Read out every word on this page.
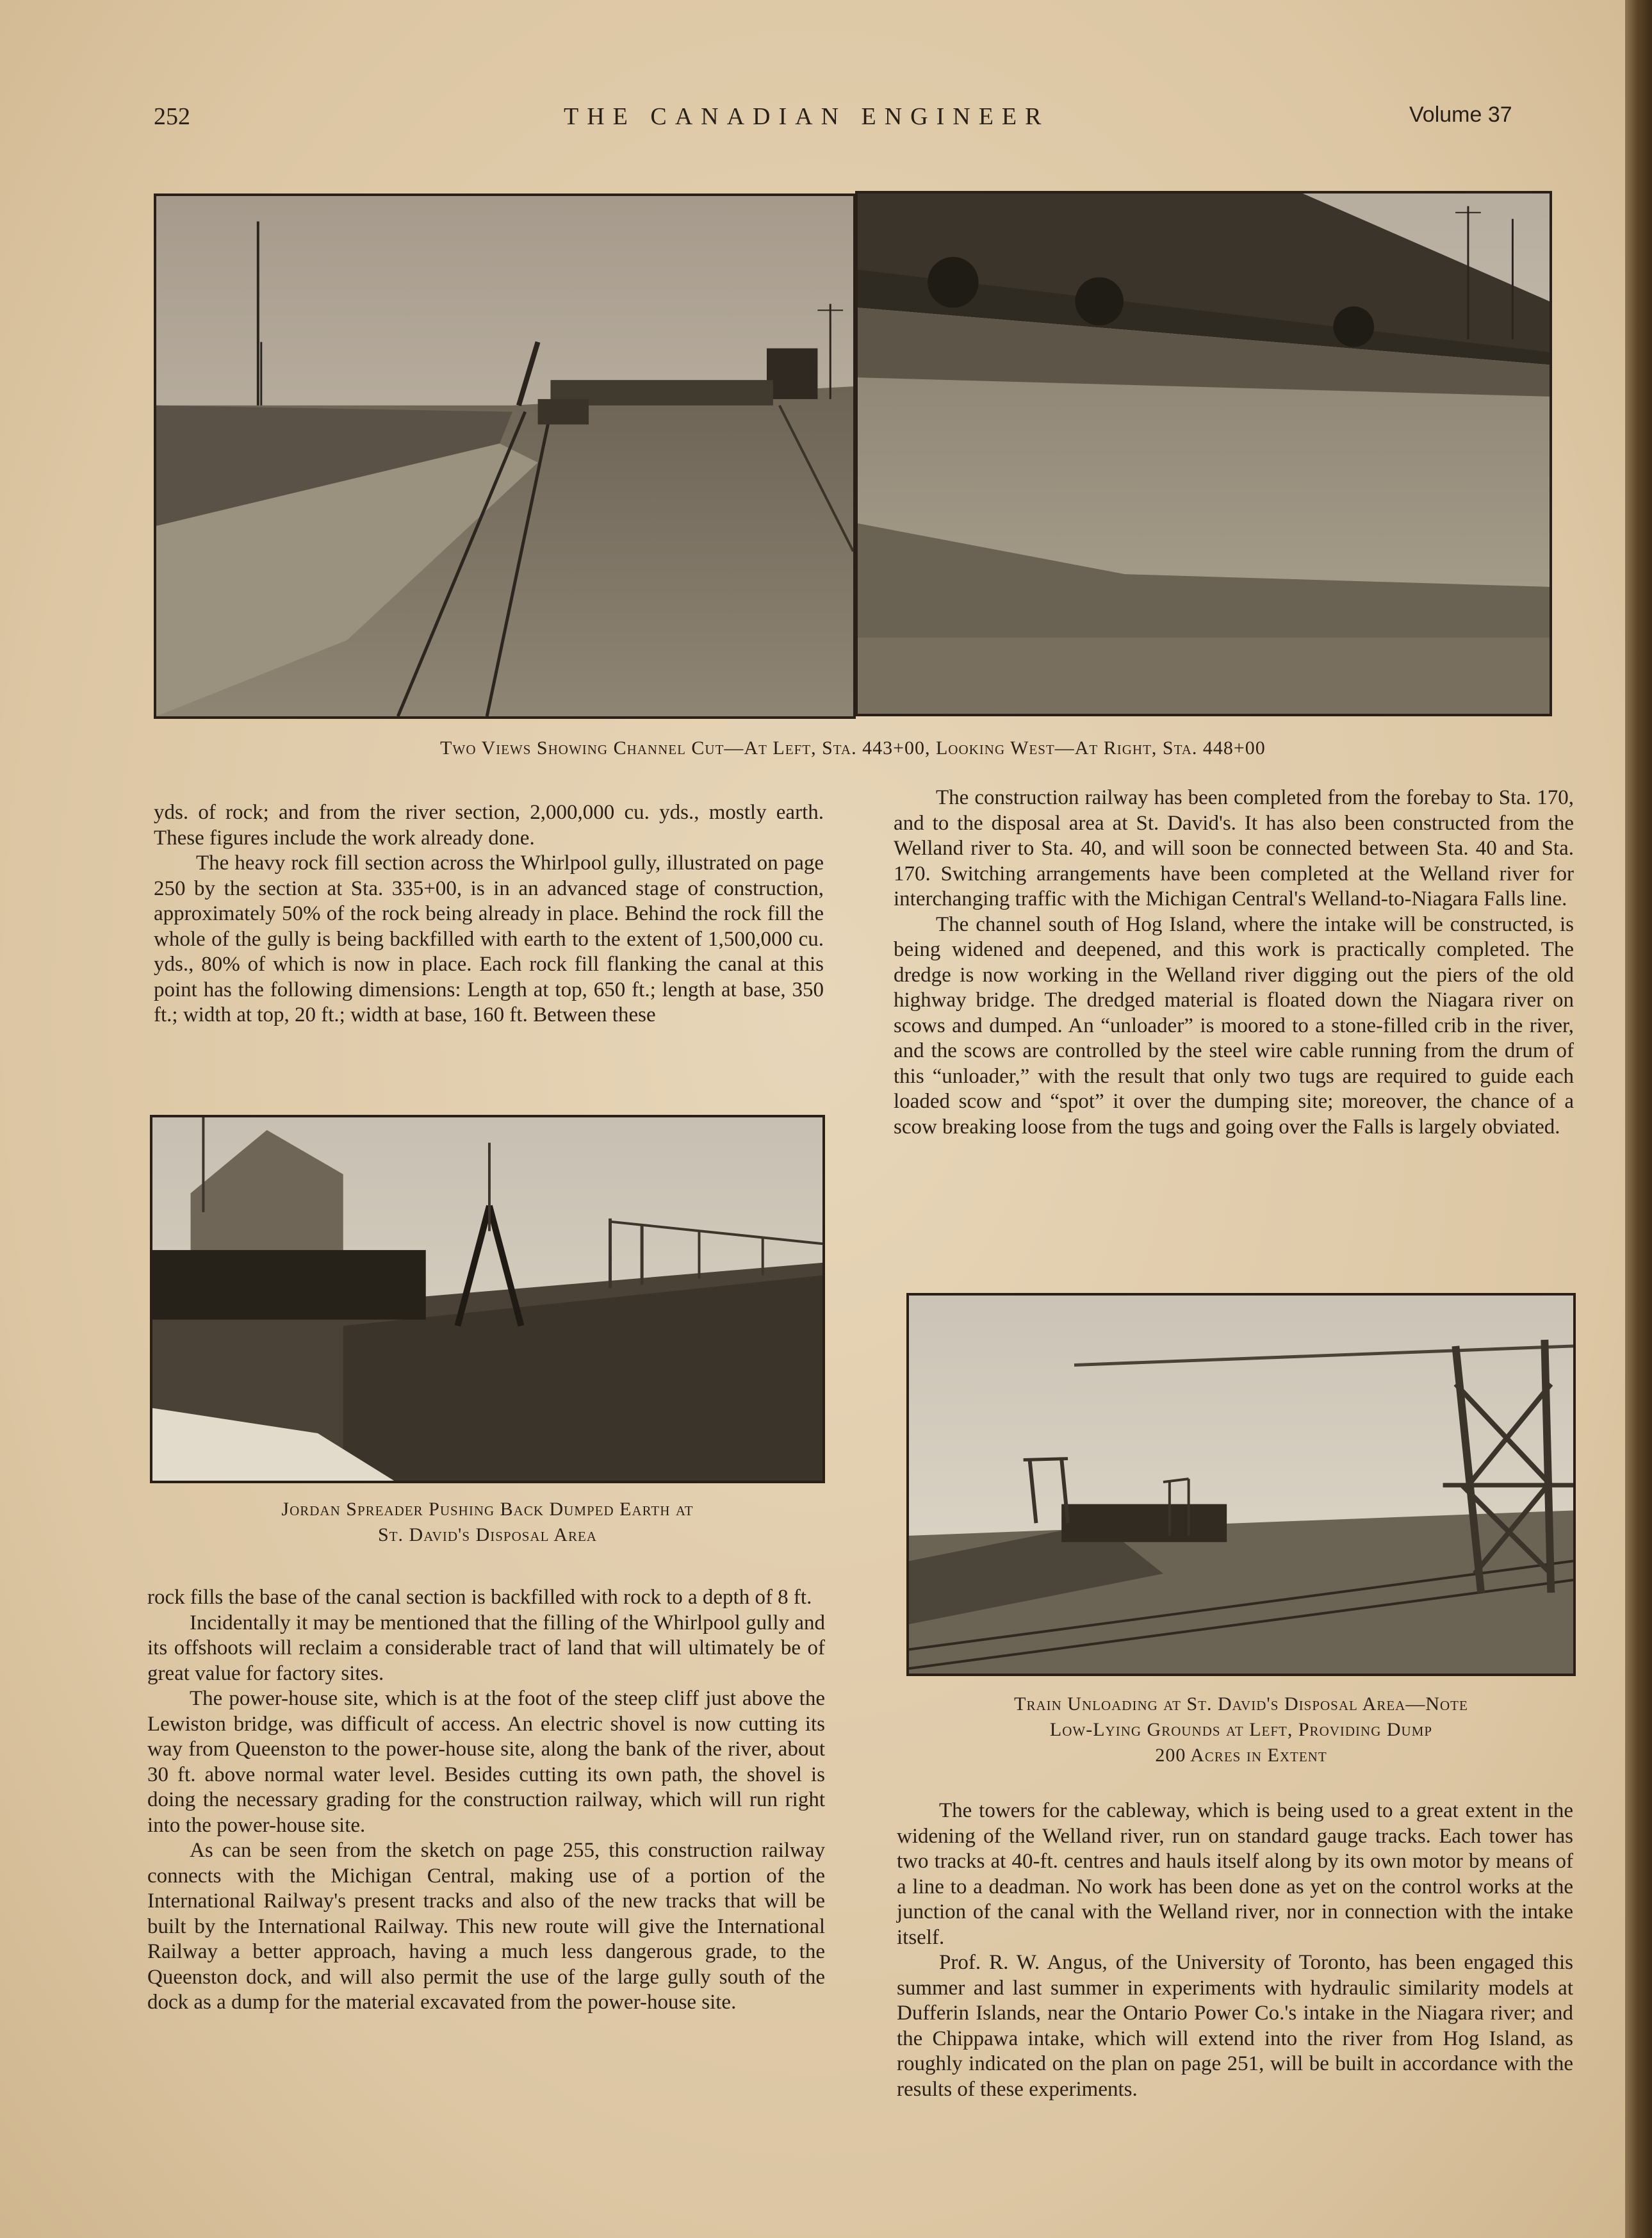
252	THE CANADIAN ENGINEER	Volume 37
Two Views Showing Channel Cut—At Left, Sta. 443+00, Looking West—At Right, Sta. 448+00

yds. of rock; and from the river section, 2,000,000 cu. yds., mostly earth. These figures include the work already done.

The heavy rock fill section across the Whirlpool gully, illustrated on page 250 by the section at Sta. 335+00, is in an advanced stage of construction, approximately 50% of the rock being already in place. Behind the rock fill the whole of the gully is being backfilled with earth to the extent of 1,500,000 cu. yds., 80% of which is now in place. Each rock fill flanking the canal at this point has the following dimensions: Length at top, 650 ft.; length at base, 350 ft.; width at top, 20 ft.; width at base, 160 ft. Between these

Jordan Spreader Pushing Back Dumped Earth at
St. David's Disposal Area

rock fills the base of the canal section is backfilled with rock to a depth of 8 ft.

Incidentally it may be mentioned that the filling of the Whirlpool gully and its offshoots will reclaim a considerable tract of land that will ultimately be of great value for factory sites.

The power-house site, which is at the foot of the steep cliff just above the Lewiston bridge, was difficult of access. An electric shovel is now cutting its way from Queenston to the power-house site, along the bank of the river, about 30 ft. above normal water level. Besides cutting its own path, the shovel is doing the necessary grading for the construction railway, which will run right into the power-house site.

As can be seen from the sketch on page 255, this construction railway connects with the Michigan Central, making use of a portion of the International Railway's present tracks and also of the new tracks that will be built by the International Railway. This new route will give the International Railway a better approach, having a much less dangerous grade, to the Queenston dock, and will also permit the use of the large gully south of the dock as a dump for the material excavated from the power-house site.

The construction railway has been completed from the forebay to Sta. 170, and to the disposal area at St. David's. It has also been constructed from the Welland river to Sta. 40, and will soon be connected between Sta. 40 and Sta. 170. Switching arrangements have been completed at the Welland river for interchanging traffic with the Michigan Central's Welland-to-Niagara Falls line.

The channel south of Hog Island, where the intake will be constructed, is being widened and deepened, and this work is practically completed. The dredge is now working in the Welland river digging out the piers of the old highway bridge. The dredged material is floated down the Niagara river on scows and dumped. An “unloader” is moored to a stone-filled crib in the river, and the scows are controlled by the steel wire cable running from the drum of this “unloader,” with the result that only two tugs are required to guide each loaded scow and “spot” it over the dumping site; moreover, the chance of a scow breaking loose from the tugs and going over the Falls is largely obviated.

Train Unloading at St. David's Disposal Area—Note
Low-Lying Grounds at Left, Providing Dump
200 Acres in Extent

The towers for the cableway, which is being used to a great extent in the widening of the Welland river, run on standard gauge tracks. Each tower has two tracks at 40-ft. centres and hauls itself along by its own motor by means of a line to a deadman. No work has been done as yet on the control works at the junction of the canal with the Welland river, nor in connection with the intake itself.

Prof. R. W. Angus, of the University of Toronto, has been engaged this summer and last summer in experiments with hydraulic similarity models at Dufferin Islands, near the Ontario Power Co.'s intake in the Niagara river; and the Chippawa intake, which will extend into the river from Hog Island, as roughly indicated on the plan on page 251, will be built in accordance with the results of these experiments.
